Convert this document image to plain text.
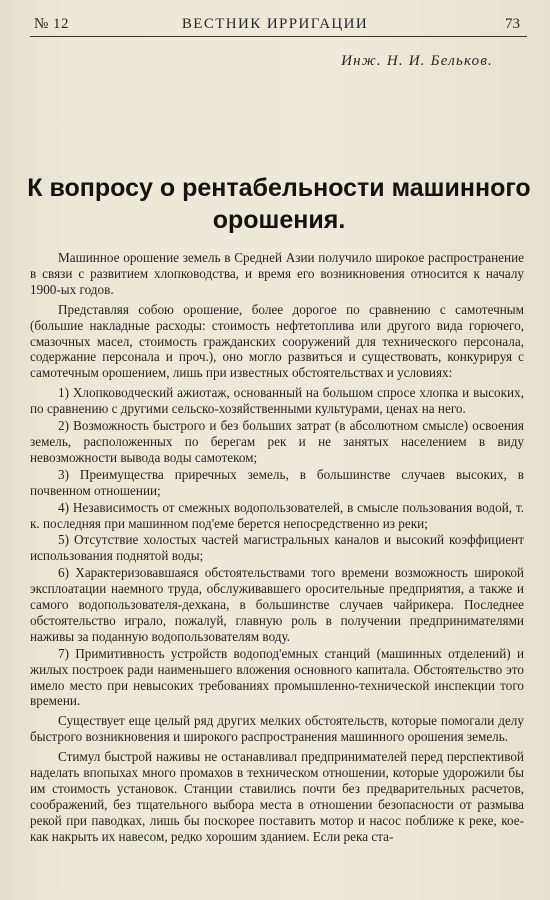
№ 12	ВЕСТНИК ИРРИГАЦИИ	73
Инж. Н. И. Бельков.
К вопросу о рентабельности машинного орошения.

Машинное орошение земель в Средней Азии получило широкое распространение в связи с развитием хлопководства, и время его возникновения относится к началу 1900-ых годов.

Представляя собою орошение, более дорогое по сравнению с самотечным (большие накладные расходы: стоимость нефтетоплива или другого вида горючего, смазочных масел, стоимость гражданских сооружений для технического персонала, содержание персонала и проч.), оно могло развиться и существовать, конкурируя с самотечным орошением, лишь при известных обстоятельствах и условиях:

1) Хлопководческий ажиотаж, основанный на большом спросе хлопка и высоких, по сравнению с другими сельско-хозяйственными культурами, ценах на него.

2) Возможность быстрого и без больших затрат (в абсолютном смысле) освоения земель, расположенных по берегам рек и не занятых населением в виду невозможности вывода воды самотеком;

3) Преимущества приречных земель, в большинстве случаев высоких, в почвенном отношении;

4) Независимость от смежных водопользователей, в смысле пользования водой, т. к. последняя при машинном под'еме берется непосредственно из реки;

5) Отсутствие холостых частей магистральных каналов и высокий коэффициент использования поднятой воды;

6) Характеризовавшаяся обстоятельствами того времени возможность широкой эксплоатации наемного труда, обслуживавшего оросительные предприятия, а также и самого водопользователя-дехкана, в большинстве случаев чайрикера. Последнее обстоятельство играло, пожалуй, главную роль в получении предпринимателями наживы за поданную водопользователям воду.

7) Примитивность устройств водопод'емных станций (машинных отделений) и жилых построек ради наименьшего вложения основного капитала. Обстоятельство это имело место при невысоких требованиях промышленно-технической инспекции того времени.

Существует еще целый ряд других мелких обстоятельств, которые помогали делу быстрого возникновения и широкого распространения машинного орошения земель.

Стимул быстрой наживы не останавливал предпринимателей перед перспективой наделать впопыхах много промахов в техническом отношении, которые удорожили бы им стоимость установок. Станции ставились почти без предварительных расчетов, соображений, без тщательного выбора места в отношении безопасности от размыва рекой при паводках, лишь бы поскорее поставить мотор и насос поближе к реке, кое-как накрыть их навесом, редко хорошим зданием. Если река ста-
